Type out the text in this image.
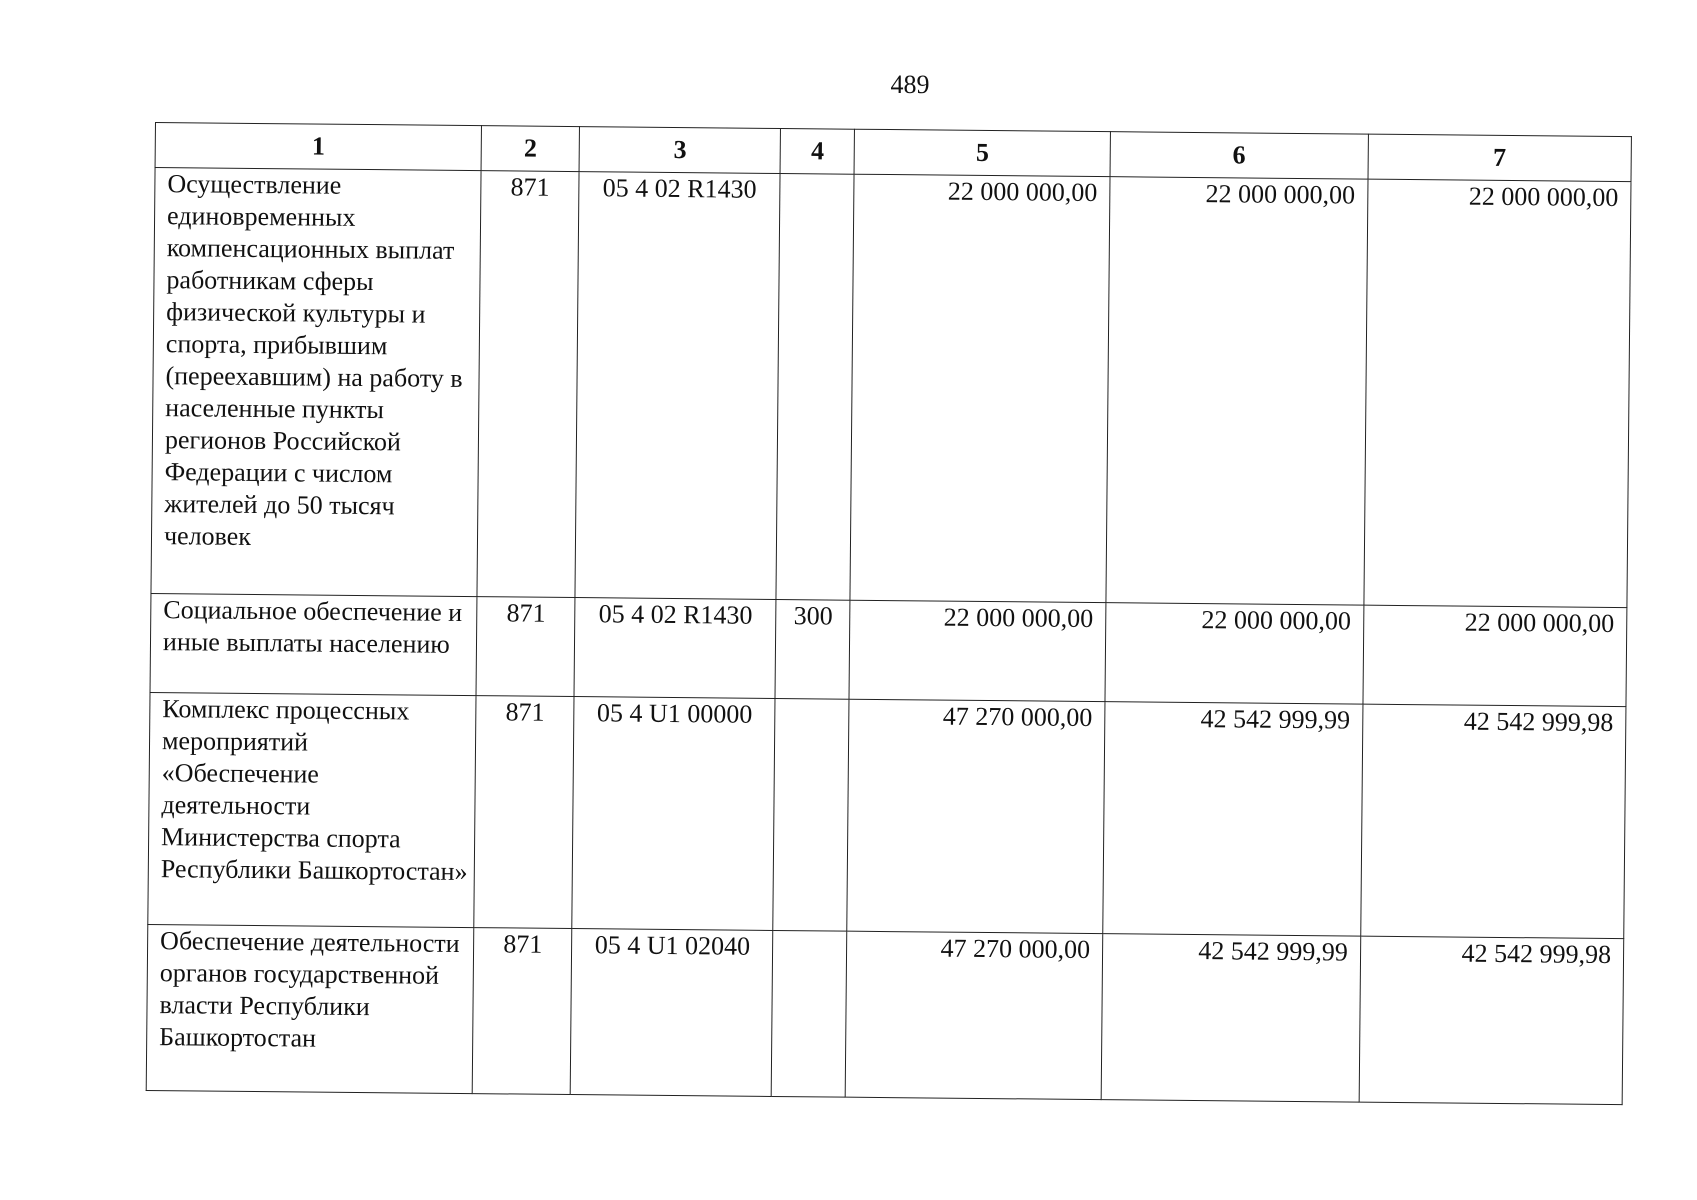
489
1	2	3	4	5	6	7
Осуществление единовременных компенсационных выплат работникам сферы физической культуры и спорта, прибывшим (переехавшим) на работу в населенные пункты регионов Российской Федерации с числом жителей до 50 тысяч человек	871	05 4 02 R1430		22 000 000,00	22 000 000,00	22 000 000,00
Социальное обеспечение и иные выплаты населению	871	05 4 02 R1430	300	22 000 000,00	22 000 000,00	22 000 000,00
Комплекс процессных мероприятий «Обеспечение деятельности Министерства спорта Республики Башкортостан»	871	05 4 U1 00000		47 270 000,00	42 542 999,99	42 542 999,98
Обеспечение деятельности органов государственной власти Республики Башкортостан	871	05 4 U1 02040		47 270 000,00	42 542 999,99	42 542 999,98
